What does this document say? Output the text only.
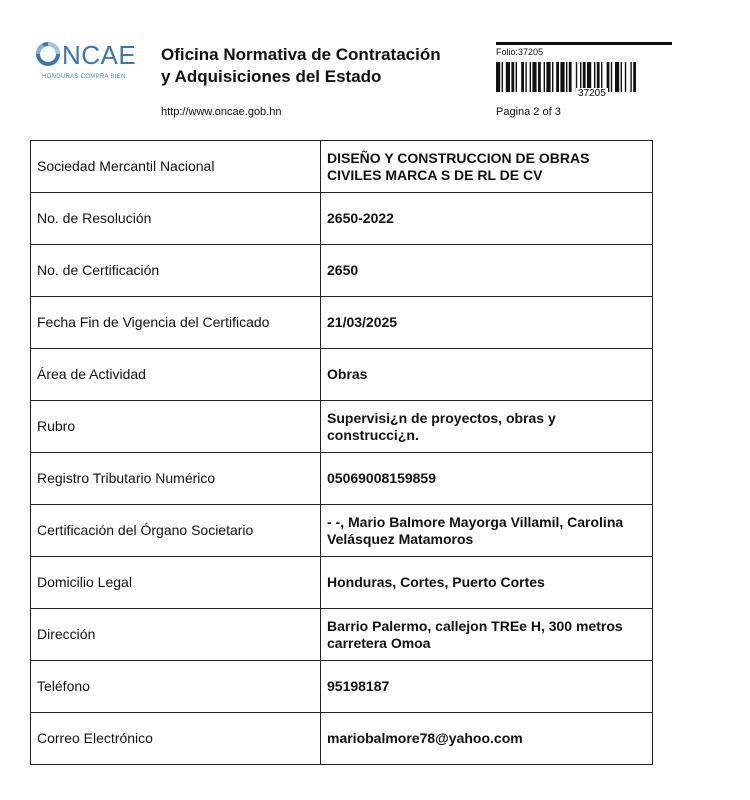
NCAE
HONDURAS COMPRA BIEN
Oficina Normativa de Contratación
y Adquisiciones del Estado
http://www.oncae.gob.hn
Folio:37205
37205
Pagina 2 of 3
Sociedad Mercantil Nacional	DISEÑO Y CONSTRUCCION DE OBRAS CIVILES MARCA S DE RL DE CV
No. de Resolución	2650-2022
No. de Certificación	2650
Fecha Fin de Vigencia del Certificado	21/03/2025
Área de Actividad	Obras
Rubro	Supervisi¿n de proyectos, obras y construcci¿n.
Registro Tributario Numérico	05069008159859
Certificación del Órgano Societario	- -, Mario Balmore Mayorga Villamil, Carolina Velásquez Matamoros
Domicilio Legal	Honduras, Cortes, Puerto Cortes
Dirección	Barrio Palermo, callejon TREe H, 300 metros carretera Omoa
Teléfono	95198187
Correo Electrónico	mariobalmore78@yahoo.com
